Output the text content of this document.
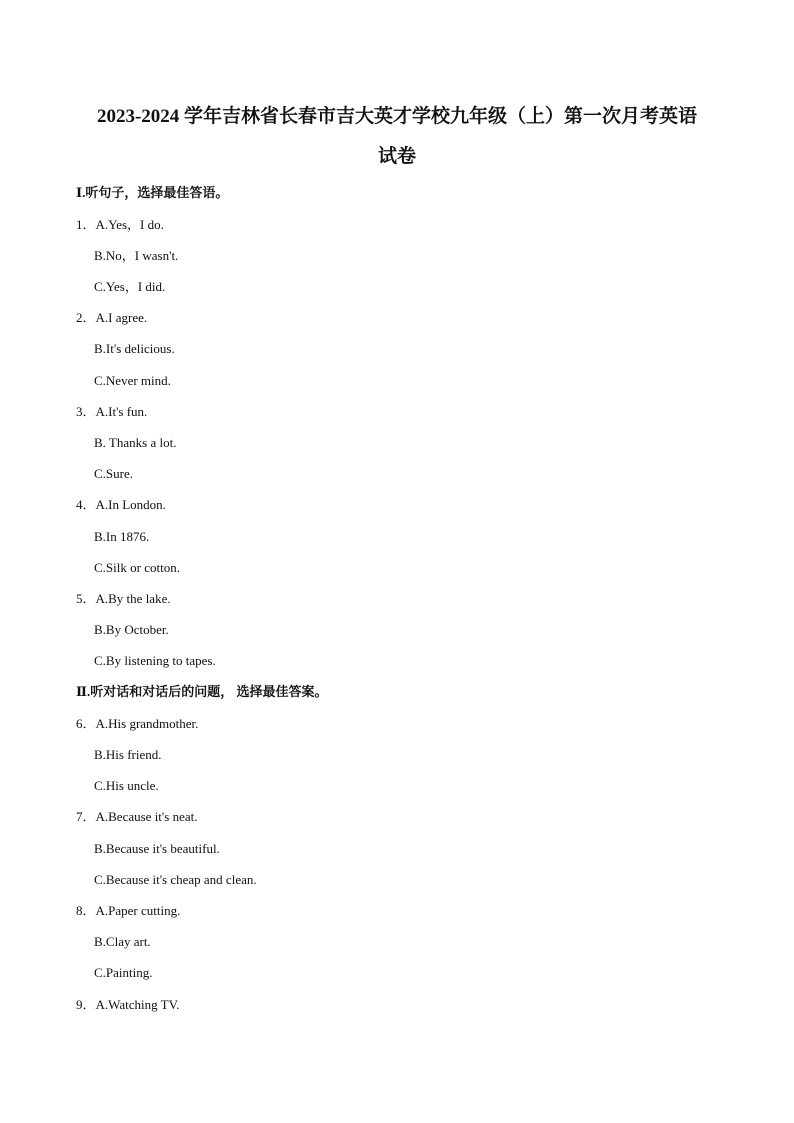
2023-2024 学年吉林省长春市吉大英才学校九年级（上）第一次月考英语
试卷
Ⅰ.听句子，选择最佳答语。
1．A.Yes，I do.
B.No，I wasn't.
C.Yes，I did.
2．A.I agree.
B.It's delicious.
C.Never mind.
3．A.It's fun.
B. Thanks a lot.
C.Sure.
4．A.In London.
B.In 1876.
C.Silk or cotton.
5．A.By the lake.
B.By October.
C.By listening to tapes.
Ⅱ.听对话和对话后的问题， 选择最佳答案。
6．A.His grandmother.
B.His friend.
C.His uncle.
7．A.Because it's neat.
B.Because it's beautiful.
C.Because it's cheap and clean.
8．A.Paper cutting.
B.Clay art.
C.Painting.
9．A.Watching TV.
